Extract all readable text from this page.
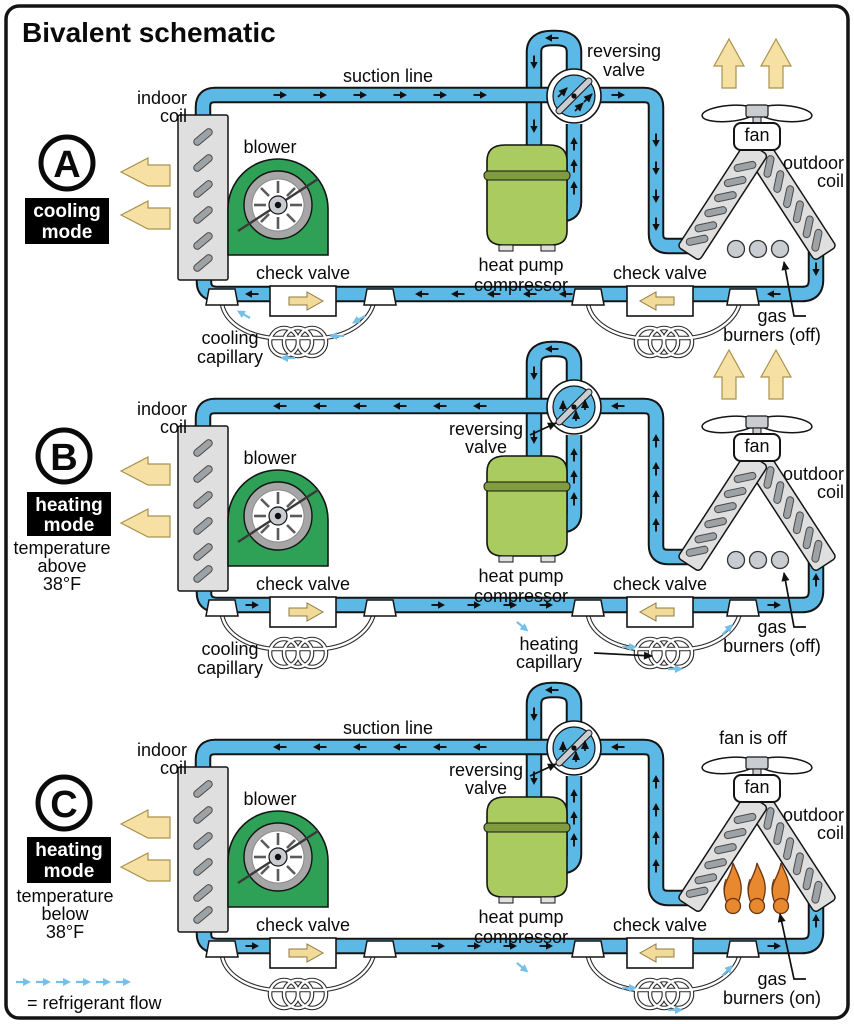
Bivalent schematic
fan
suction line
indoor
coil
blower
reversing
valve
outdoor
coil
heat pump
compressor
check valve	check valve
cooling
capillary
gas
burners (off)
A
cooling
mode
fan
indoor
coil
blower
reversing
valve
outdoor
coil
heat pump
compressor
check valve	check valve
cooling
capillary
heating
capillary
gas
burners (off)
B
heating
mode
temperature
above
38°F
fan
suction line	fan is off
indoor
coil
blower
reversing
valve
outdoor
coil
heat pump
compressor
check valve	check valve
gas
burners (on)
C
heating
mode
temperature
below
38°F
= refrigerant flow
